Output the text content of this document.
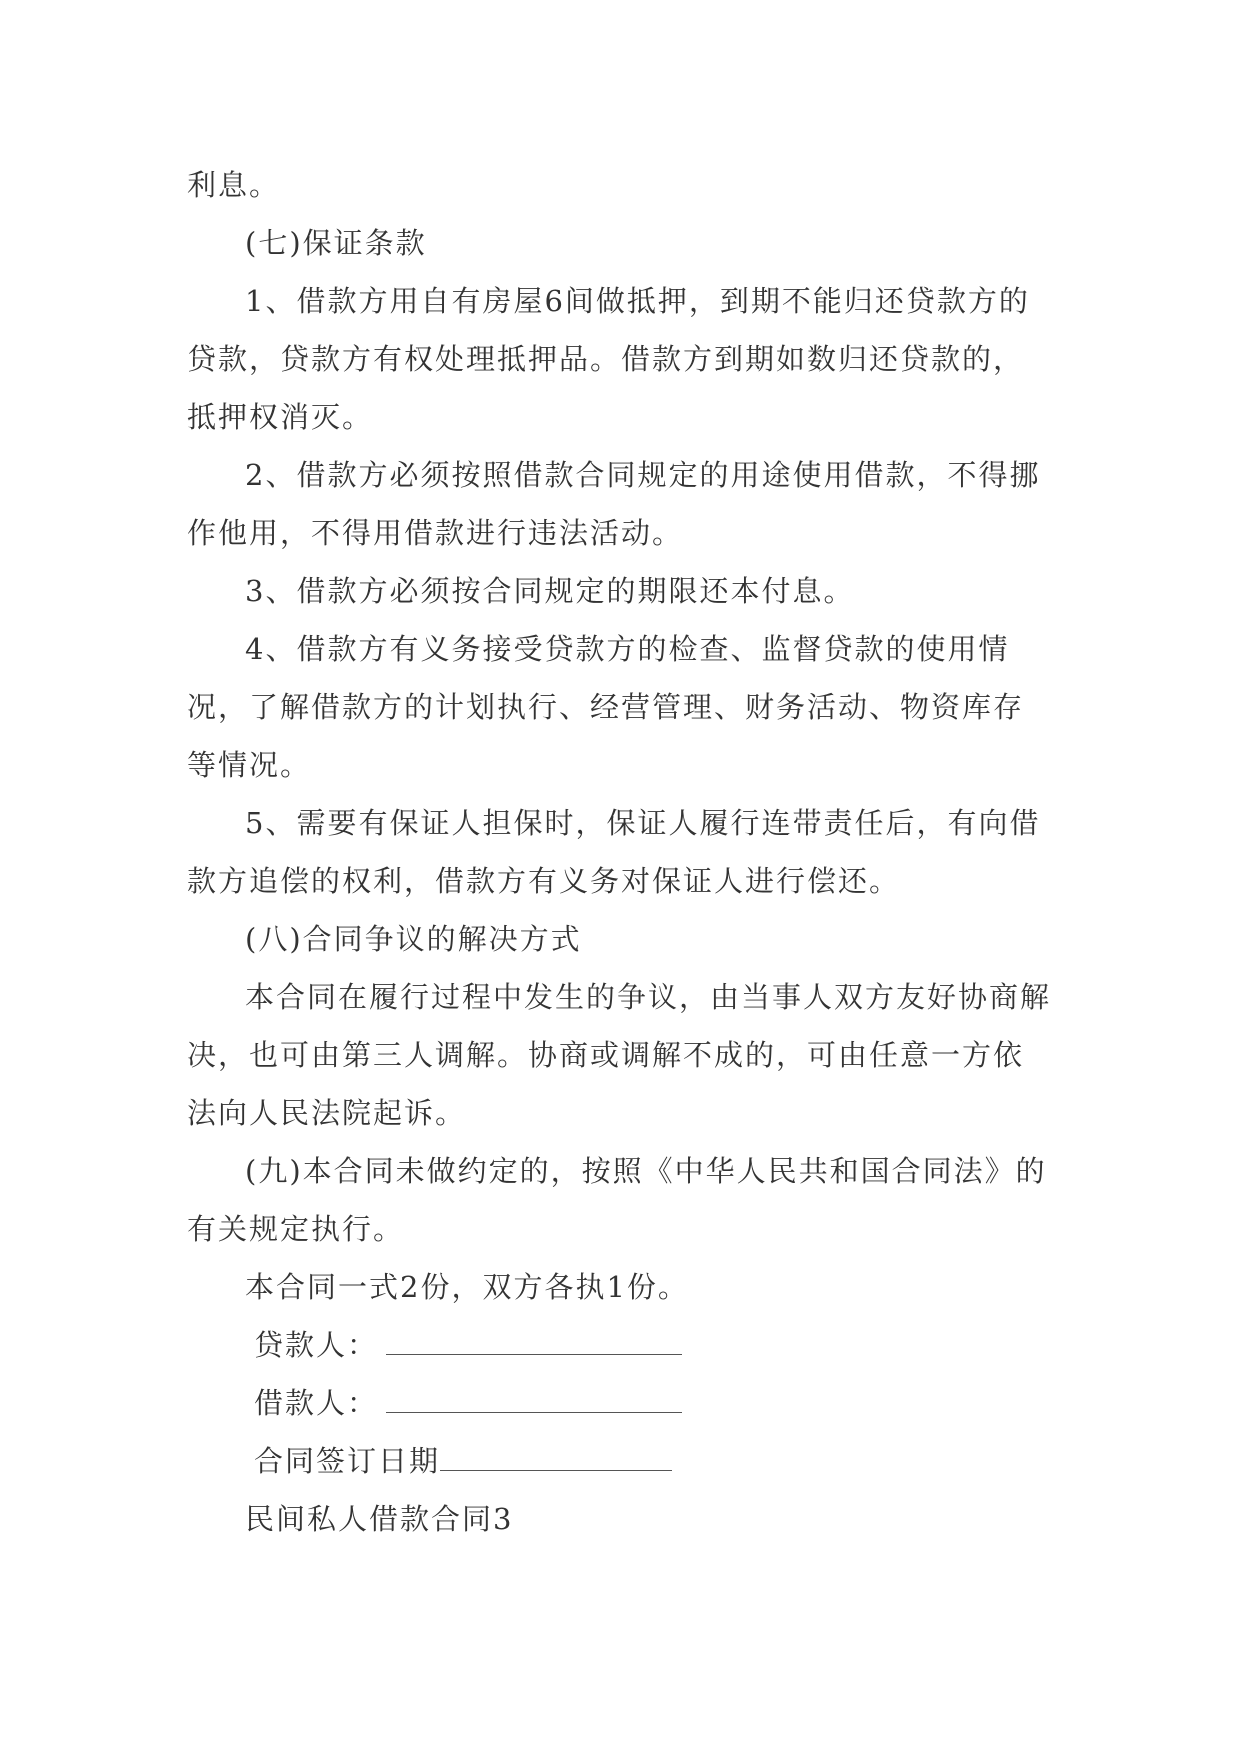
利息。

(七)保证条款

1、借款方用自有房屋6间做抵押，到期不能归还贷款方的贷款，贷款方有权处理抵押品。借款方到期如数归还贷款的，抵押权消灭。

2、借款方必须按照借款合同规定的用途使用借款，不得挪作他用，不得用借款进行违法活动。

3、借款方必须按合同规定的期限还本付息。

4、借款方有义务接受贷款方的检查、监督贷款的使用情况，了解借款方的计划执行、经营管理、财务活动、物资库存等情况。

5、需要有保证人担保时，保证人履行连带责任后，有向借款方追偿的权利，借款方有义务对保证人进行偿还。

(八)合同争议的解决方式

本合同在履行过程中发生的争议，由当事人双方友好协商解决，也可由第三人调解。协商或调解不成的，可由任意一方依法向人民法院起诉。

(九)本合同未做约定的，按照《中华人民共和国合同法》的有关规定执行。

本合同一式2份，双方各执1份。

贷款人：
借款人：
合同签订日期

民间私人借款合同3
